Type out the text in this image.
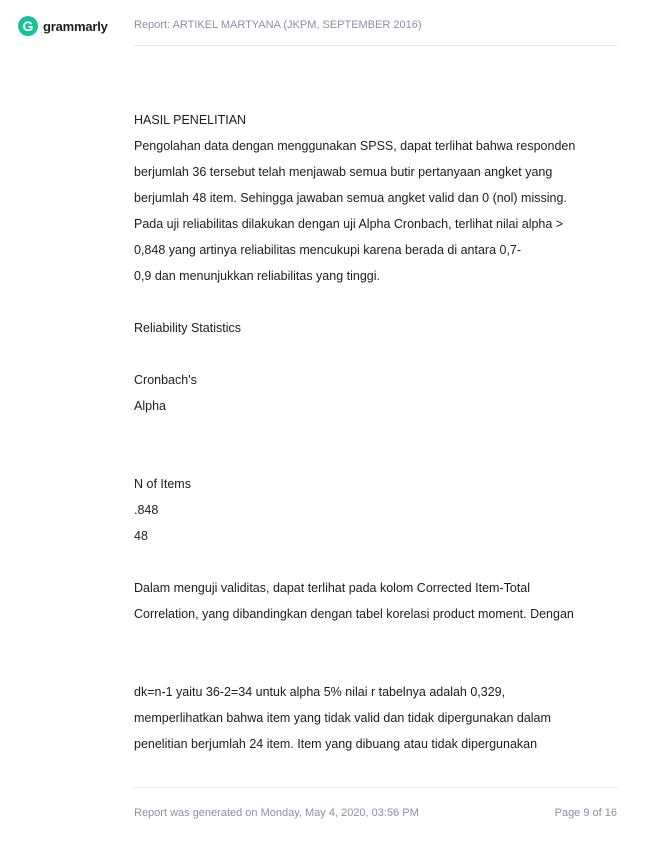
G grammarly Report: ARTIKEL MARTYANA (JKPM, SEPTEMBER 2016)
HASIL PENELITIAN
Pengolahan data dengan menggunakan SPSS, dapat terlihat bahwa responden
berjumlah 36 tersebut telah menjawab semua butir pertanyaan angket yang
berjumlah 48 item. Sehingga jawaban semua angket valid dan 0 (nol) missing.
Pada uji reliabilitas dilakukan dengan uji Alpha Cronbach, terlihat nilai alpha >
0,848 yang artinya reliabilitas mencukupi karena berada di antara 0,7-
0,9 dan menunjukkan reliabilitas yang tinggi.
Reliability Statistics
Cronbach's
Alpha
N of Items
.848
48
Dalam menguji validitas, dapat terlihat pada kolom Corrected Item-Total
Correlation, yang dibandingkan dengan tabel korelasi product moment. Dengan
dk=n-1 yaitu 36-2=34 untuk alpha 5% nilai r tabelnya adalah 0,329,
memperlihatkan bahwa item yang tidak valid dan tidak dipergunakan dalam
penelitian berjumlah 24 item. Item yang dibuang atau tidak dipergunakan
Report was generated on Monday, May 4, 2020, 03:56 PM	Page 9 of 16
